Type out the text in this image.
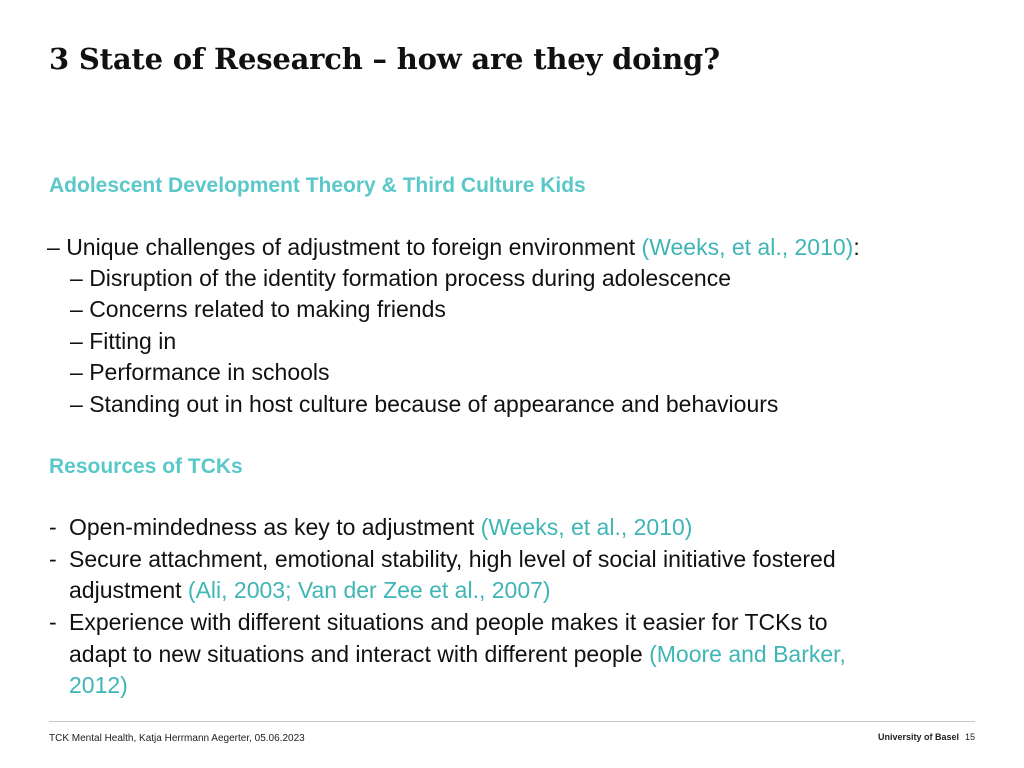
3 State of Research – how are they doing?
Adolescent Development Theory & Third Culture Kids
– Unique challenges of adjustment to foreign environment (Weeks, et al., 2010):
– Disruption of the identity formation process during adolescence
– Concerns related to making friends
– Fitting in
– Performance in schools
– Standing out in host culture because of appearance and behaviours
Resources of TCKs
- Open-mindedness as key to adjustment (Weeks, et al., 2010)
- Secure attachment, emotional stability, high level of social initiative fostered
adjustment (Ali, 2003; Van der Zee et al., 2007)
- Experience with different situations and people makes it easier for TCKs to
adapt to new situations and interact with different people (Moore and Barker,
2012)
TCK Mental Health, Katja Herrmann Aegerter, 05.06.2023	University of Basel 15
